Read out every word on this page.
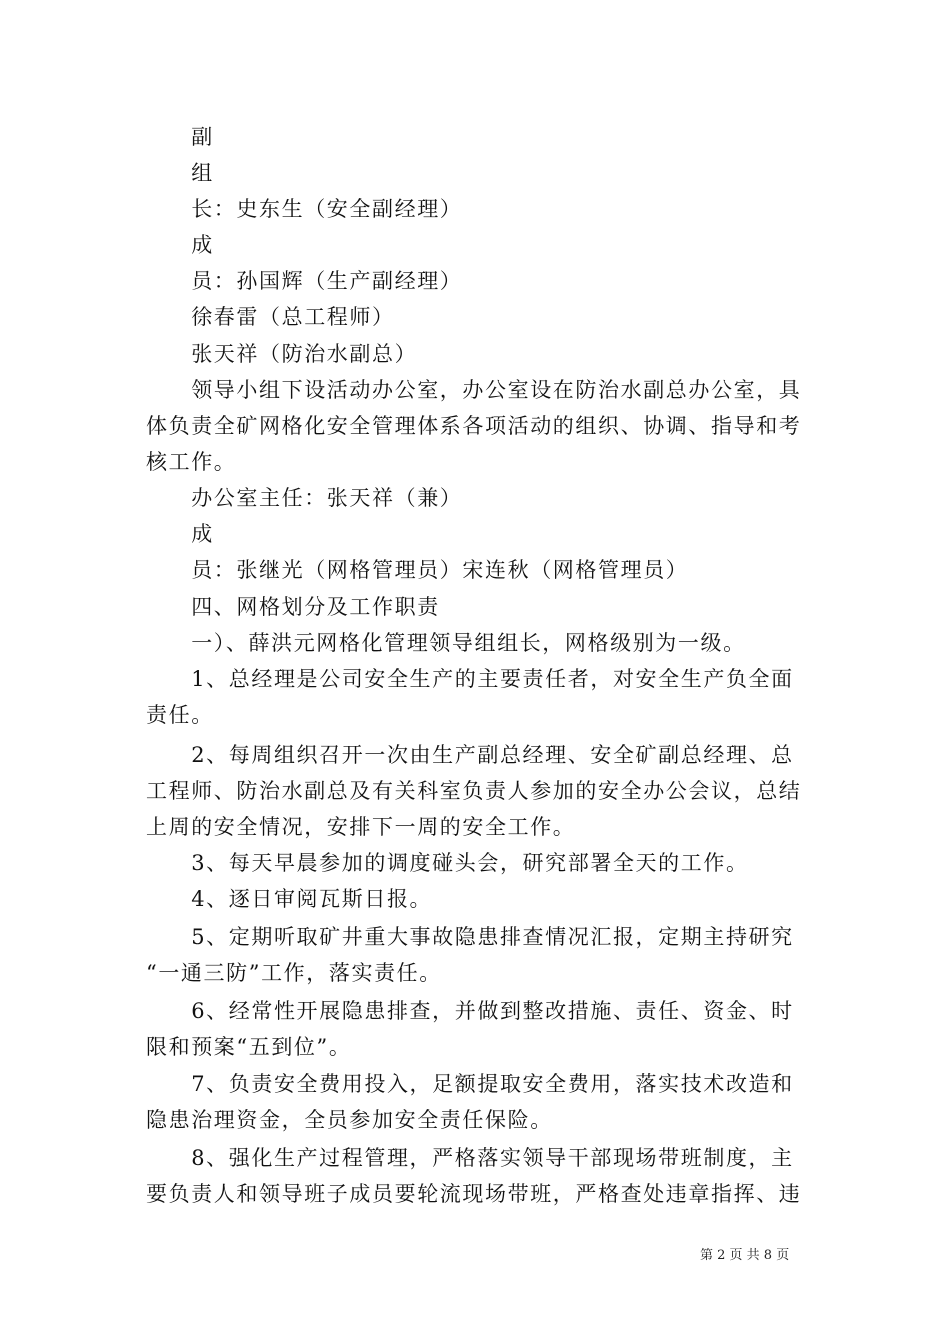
　　副
　　组
　　长：史东生（安全副经理）
　　成
　　员：孙国辉（生产副经理）
　　徐春雷（总工程师）
　　张天祥（防治水副总）
　　领导小组下设活动办公室，办公室设在防治水副总办公室，具
体负责全矿网格化安全管理体系各项活动的组织、协调、指导和考
核工作。
　　办公室主任：张天祥（兼）
　　成
　　员：张继光（网格管理员）宋连秋（网格管理员）
　　四、网格划分及工作职责
　　一）、薛洪元网格化管理领导组组长，网格级别为一级。
　　1、总经理是公司安全生产的主要责任者，对安全生产负全面
责任。
　　2、每周组织召开一次由生产副总经理、安全矿副总经理、总
工程师、防治水副总及有关科室负责人参加的安全办公会议，总结
上周的安全情况，安排下一周的安全工作。
　　3、每天早晨参加的调度碰头会，研究部署全天的工作。
　　4、逐日审阅瓦斯日报。
　　5、定期听取矿井重大事故隐患排查情况汇报，定期主持研究
“一通三防”工作，落实责任。
　　6、经常性开展隐患排查，并做到整改措施、责任、资金、时
限和预案“五到位”。
　　7、负责安全费用投入，足额提取安全费用，落实技术改造和
隐患治理资金，全员参加安全责任保险。
　　8、强化生产过程管理，严格落实领导干部现场带班制度，主
要负责人和领导班子成员要轮流现场带班，严格查处违章指挥、违
第 2 页 共 8 页
